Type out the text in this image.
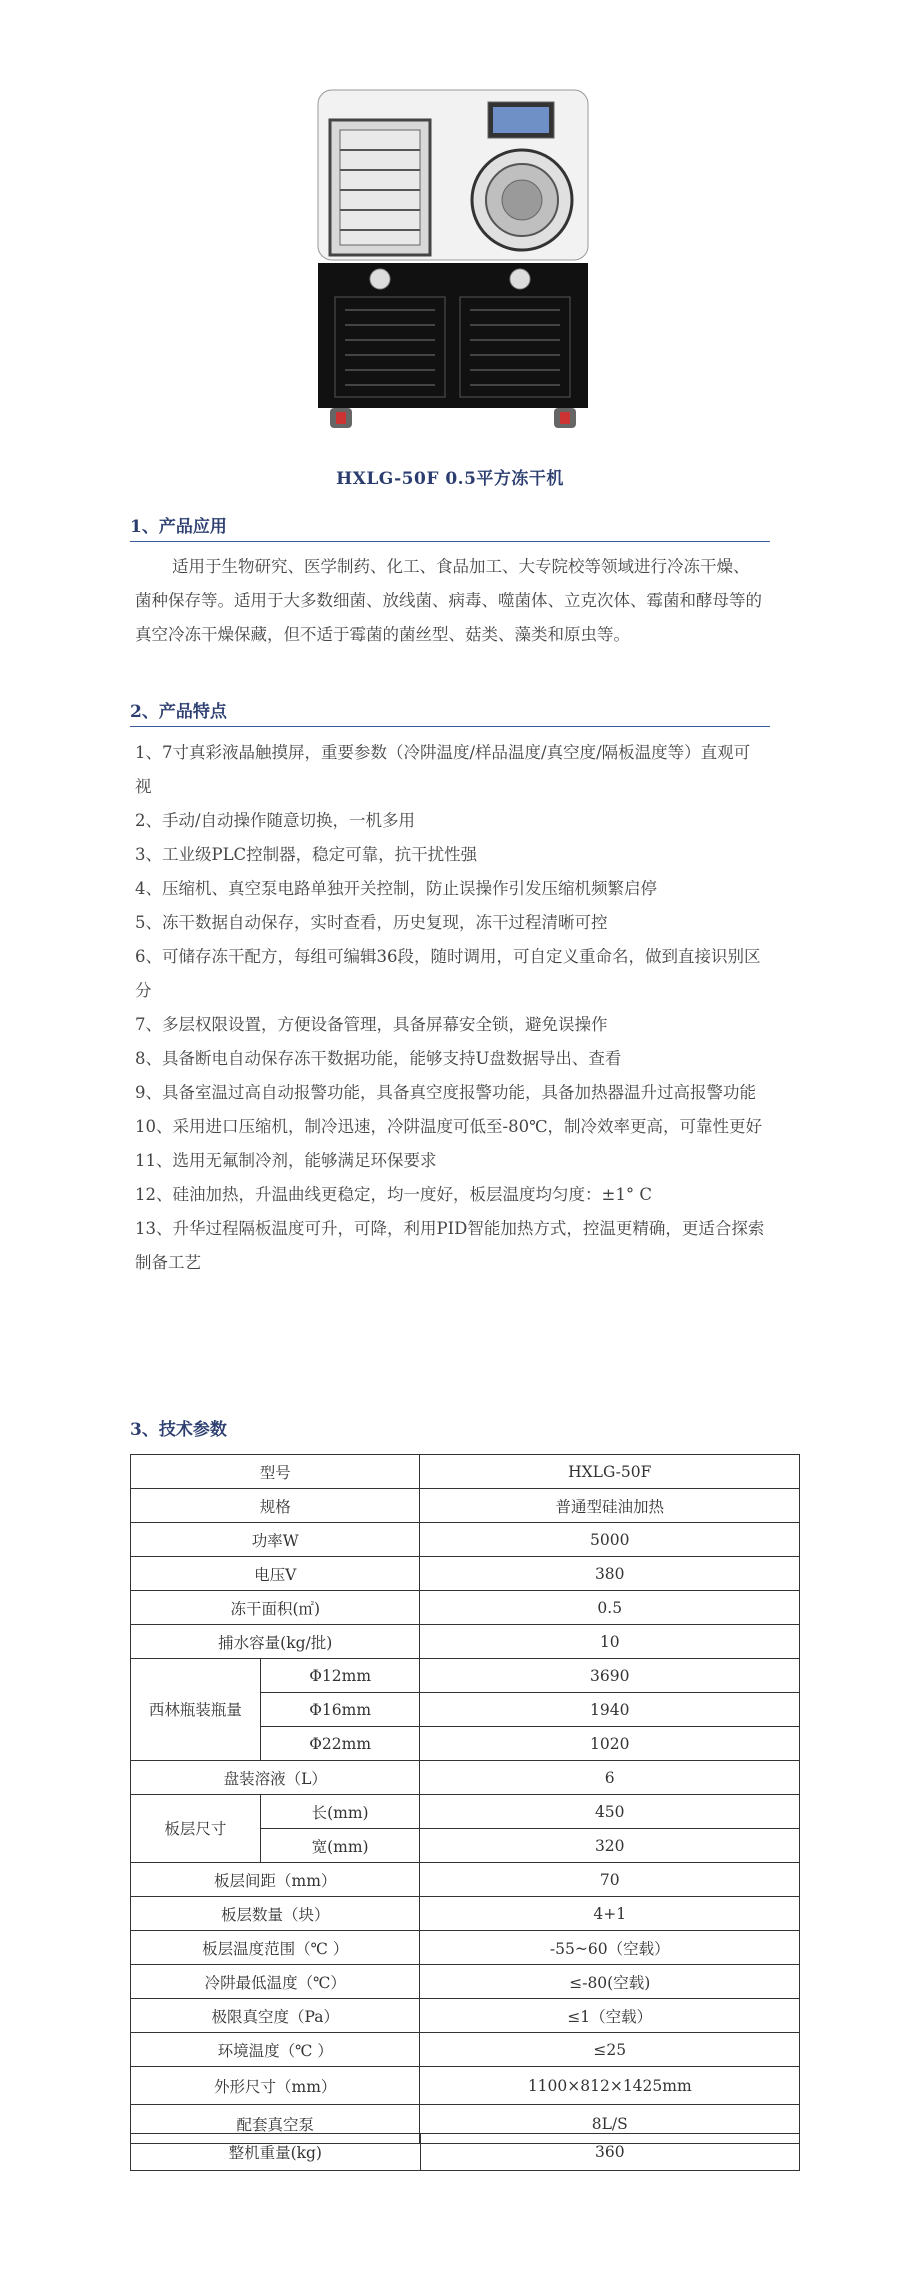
HXLG-50F 0.5平方冻干机
1、产品应用

适用于生物研究、医学制药、化工、食品加工、大专院校等领域进行冷冻干燥、菌种保存等。适用于大多数细菌、放线菌、病毒、噬菌体、立克次体、霉菌和酵母等的真空冷冻干燥保藏，但不适于霉菌的菌丝型、菇类、藻类和原虫等。

2、产品特点

1、7寸真彩液晶触摸屏，重要参数（冷阱温度/样品温度/真空度/隔板温度等）直观可视

2、手动/自动操作随意切换，一机多用

3、工业级PLC控制器，稳定可靠，抗干扰性强

4、压缩机、真空泵电路单独开关控制，防止误操作引发压缩机频繁启停

5、冻干数据自动保存，实时查看，历史复现，冻干过程清晰可控

6、可储存冻干配方，每组可编辑36段，随时调用，可自定义重命名，做到直接识别区分

7、多层权限设置，方便设备管理，具备屏幕安全锁，避免误操作

8、具备断电自动保存冻干数据功能，能够支持U盘数据导出、查看

9、具备室温过高自动报警功能，具备真空度报警功能，具备加热器温升过高报警功能

10、采用进口压缩机，制冷迅速，冷阱温度可低至-80℃，制冷效率更高，可靠性更好

11、选用无氟制冷剂，能够满足环保要求

12、硅油加热，升温曲线更稳定，均一度好，板层温度均匀度：±1° C

13、升华过程隔板温度可升，可降，利用PID智能加热方式，控温更精确，更适合探索制备工艺

3、技术参数
型号		HXLG-50F
规格		普通型硅油加热
功率W		5000
电压V		380
冻干面积(㎡)		0.5
捕水容量(kg/批)		10
西林瓶装瓶量	Φ12mm	3690
	Φ16mm	1940
	Φ22mm	1020
盘装溶液（L）		6
板层尺寸	长(mm)	450
	宽(mm)	320
板层间距（mm）		70
板层数量（块）		4+1
板层温度范围（℃ ）		-55~60（空载）
冷阱最低温度（℃）		≤-80(空载)
极限真空度（Pa）		≤1（空载）
环境温度（℃ ）		≤25
外形尺寸（mm）		1100×812×1425mm
配套真空泵		8L/S
整机重量(kg)	360
